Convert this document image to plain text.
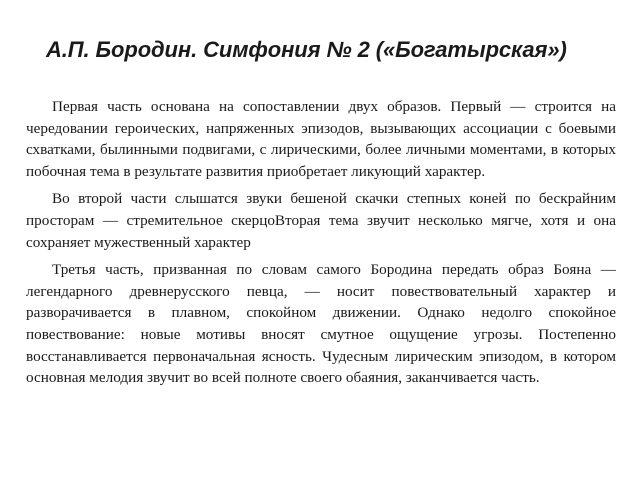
А.П. Бородин. Симфония № 2 («Богатырская»)

Первая часть основана на сопоставлении двух образов. Первый — строится на чередовании героических, напряженных эпизодов, вызывающих ассоциации с боевыми схватками, былинными подвигами, с лирическими, более личными моментами, в которых побочная тема в результате развития приобретает ликующий характер.

Во второй части слышатся звуки бешеной скачки степных коней по бескрайним просторам — стремительное скерцоВторая тема звучит несколько мягче, хотя и она сохраняет мужественный характер

Третья часть, призванная по словам самого Бородина передать образ Бояна — легендарного древнерусского певца, — носит повествовательный характер и разворачивается в плавном, спокойном движении. Однако недолго спокойное повествование: новые мотивы вносят смутное ощущение угрозы. Постепенно восстанавливается первоначальная ясность. Чудесным лирическим эпизодом, в котором основная мелодия звучит во всей полноте своего обаяния, заканчивается часть.
